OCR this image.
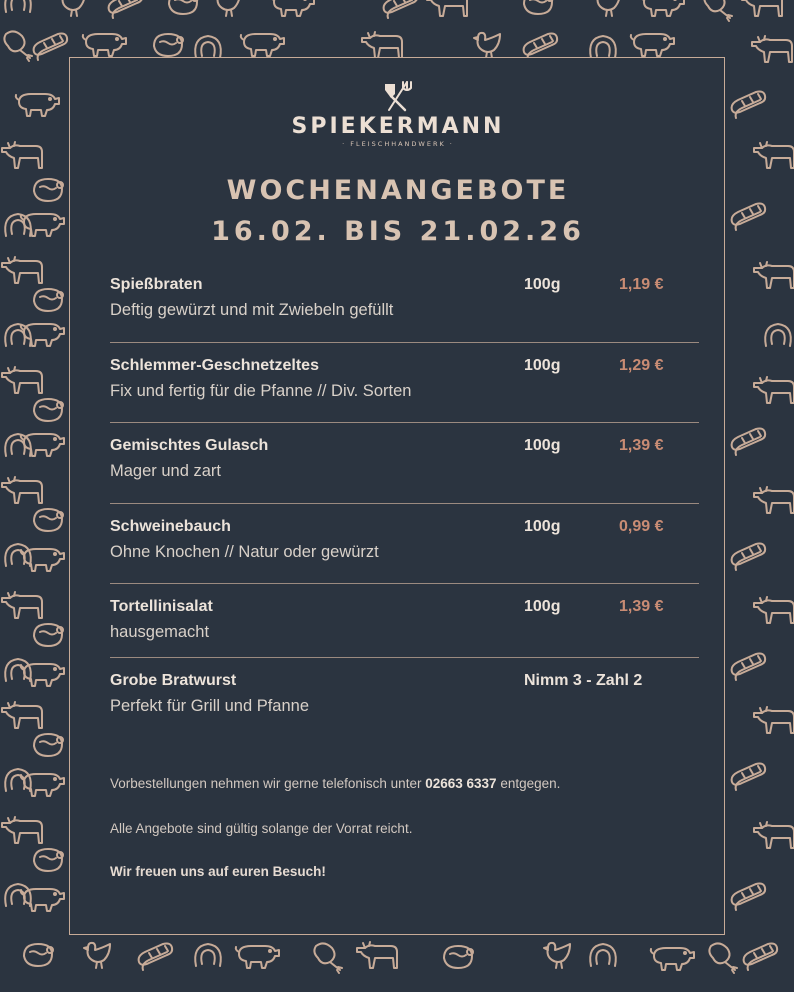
SPIEKERMANN
· FLEISCHHANDWERK ·
WOCHENANGEBOTE
16.02. BIS 21.02.26
Spießbraten
Deftig gewürzt und mit Zwiebeln gefüllt
100g	1,19 €
Schlemmer-Geschnetzeltes
Fix und fertig für die Pfanne // Div. Sorten
100g	1,29 €
Gemischtes Gulasch
Mager und zart
100g	1,39 €
Schweinebauch
Ohne Knochen // Natur oder gewürzt
100g	0,99 €
Tortellinisalat
hausgemacht
100g	1,39 €
Grobe Bratwurst
Perfekt für Grill und Pfanne
Nimm 3 - Zahl 2

Vorbestellungen nehmen wir gerne telefonisch unter 02663 6337 entgegen.

Alle Angebote sind gültig solange der Vorrat reicht.

Wir freuen uns auf euren Besuch!
